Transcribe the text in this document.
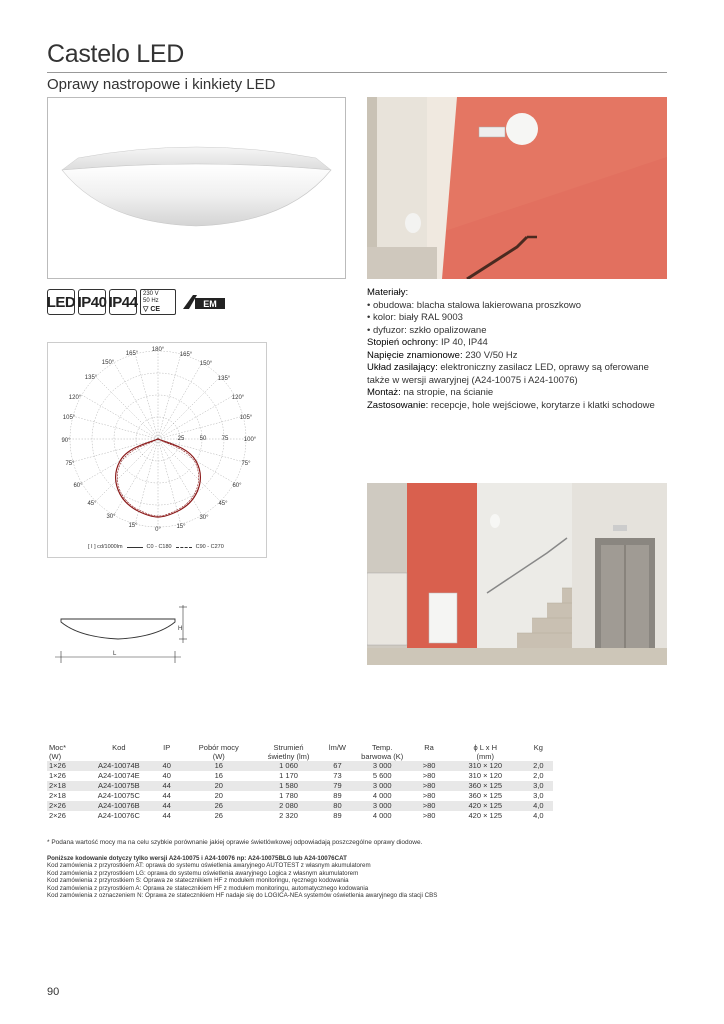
Castelo LED
Oprawy nastropowe i kinkiety LED
LED IP40 IP44 230 V
50 Hz
▽ CE
EM
Materiały:
• obudowa: blacha stalowa lakierowana proszkowo
• kolor: biały RAL 9003
• dyfuzor: szkło opalizowane
Stopień ochrony: IP 40, IP44
Napięcie znamionowe: 230 V/50 Hz
Układ zasilający: elektroniczny zasilacz LED, oprawy są oferowane także w wersji awaryjnej (A24-10075 i A24-10076)
Montaż: na stropie, na ścianie
Zastosowanie: recepcje, hole wejściowe, korytarze i klatki schodowe
180°
165°	165°
150°	150°
135°	135°
120°	120°
105°	105°
90°	100°
25	50	75
75°	75°
60°	60°
45°	45°
30°	30°
15°	15°
0°
[ I ] cd/1000lm	C0 - C180	C90 - C270
H
L
Moc*
(W)	Kod	IP	Pobór mocy
(W)	Strumień
świetlny (lm)	lm/W	Temp.
barwowa (K)	Ra	ϕ L x H
(mm)	Kg
1×26	A24-10074B	40	16	1 060	67	3 000	>80	310 × 120	2,0
1×26	A24-10074E	40	16	1 170	73	5 600	>80	310 × 120	2,0
2×18	A24-10075B	44	20	1 580	79	3 000	>80	360 × 125	3,0
2×18	A24-10075C	44	20	1 780	89	4 000	>80	360 × 125	3,0
2×26	A24-10076B	44	26	2 080	80	3 000	>80	420 × 125	4,0
2×26	A24-10076C	44	26	2 320	89	4 000	>80	420 × 125	4,0
* Podana wartość mocy ma na celu szybkie porównanie jakiej oprawie świetlówkowej odpowiadają poszczególne oprawy diodowe.
Poniższe kodowanie dotyczy tylko wersji A24-10075 i A24-10076 np: A24-10075BLG lub A24-10076CAT
Kod zamówienia z przyrostkiem AT: oprawa do systemu oświetlenia awaryjnego AUTOTEST z własnym akumulatorem
Kod zamówienia z przyrostkiem LG: oprawa do systemu oświetlenia awaryjnego Logica z własnym akumulatorem
Kod zamówienia z przyrostkiem S: Oprawa ze statecznikiem HF z modułem monitoringu, ręcznego kodowania
Kod zamówienia z przyrostkiem A: Oprawa ze statecznikiem HF z modułem monitoringu, automatycznego kodowania
Kod zamówienia z oznaczeniem N: Oprawa ze statecznikiem HF nadaje się do LOGICA-NEA systemów oświetlenia awaryjnego dla stacji CBS
90
